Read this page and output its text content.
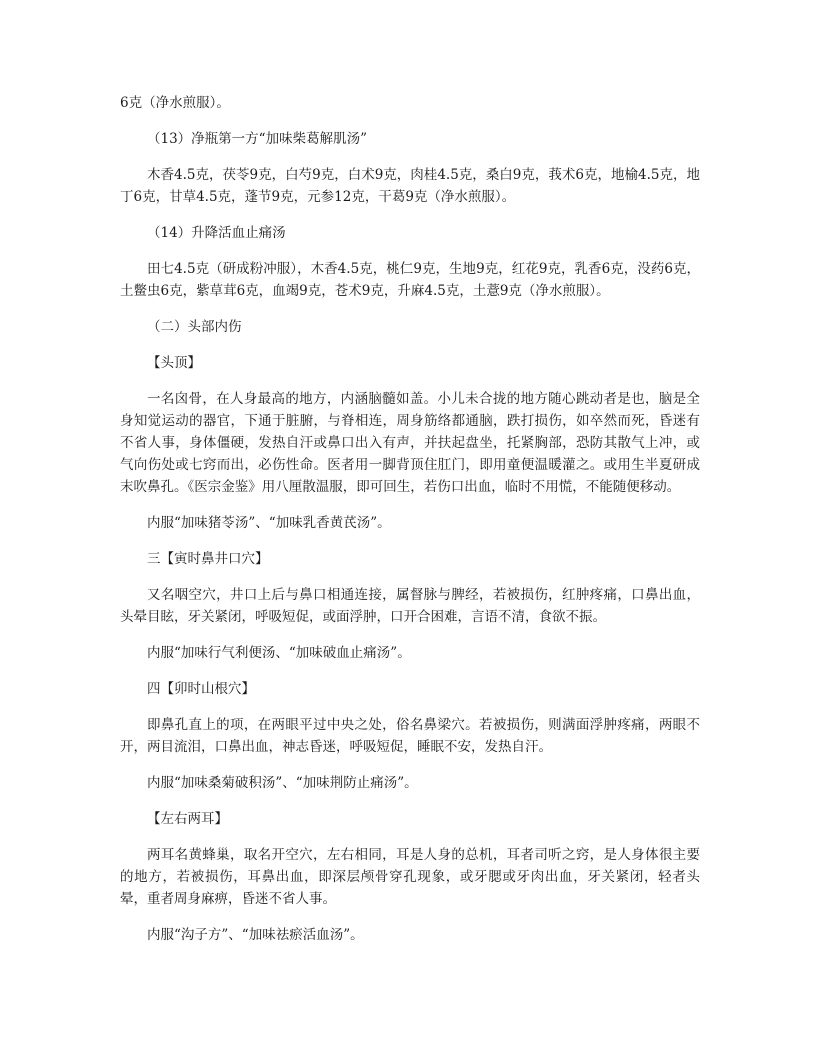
6克（净水煎服）。

（13）净瓶第一方“加味柴葛解肌汤”

木香4.5克，茯苓9克，白芍9克，白术9克，肉桂4.5克，桑白9克，莪术6克，地榆4.5克，地丁6克，甘草4.5克，蓬节9克，元参12克，干葛9克（净水煎服）。

（14）升降活血止痛汤

田七4.5克（研成粉冲服），木香4.5克，桃仁9克，生地9克，红花9克，乳香6克，没药6克，土鳖虫6克，紫草茸6克，血竭9克，苍术9克，升麻4.5克，土薏9克（净水煎服）。

（二）头部内伤

【头顶】

一名囟骨，在人身最高的地方，内涵脑髓如盖。小儿未合拢的地方随心跳动者是也，脑是全身知觉运动的器官，下通于脏腑，与脊相连，周身筋络都通脑，跌打损伤，如卒然而死，昏迷有不省人事，身体僵硬，发热自汗或鼻口出入有声，并扶起盘坐，托紧胸部，恐防其散气上冲，或气向伤处或七窍而出，必伤性命。医者用一脚背顶住肛门，即用童便温暖灌之。或用生半夏研成末吹鼻孔。《医宗金鉴》用八厘散温服，即可回生，若伤口出血，临时不用慌，不能随便移动。

内服“加味猪苓汤”、“加味乳香黄芪汤”。

三【寅时鼻井口穴】

又名咽空穴，井口上后与鼻口相通连接，属督脉与脾经，若被损伤，红肿疼痛，口鼻出血，头晕目眩，牙关紧闭，呼吸短促，或面浮肿，口开合困难，言语不清，食欲不振。

内服“加味行气利便汤、“加味破血止痛汤”。

四【卯时山根穴】

即鼻孔直上的项，在两眼平过中央之处，俗名鼻梁穴。若被损伤，则满面浮肿疼痛，两眼不开，两目流泪，口鼻出血，神志昏迷，呼吸短促，睡眠不安，发热自汗。

内服“加味桑菊破积汤”、“加味荆防止痛汤”。

【左右两耳】

两耳名黄蜂巢，取名开空穴，左右相同，耳是人身的总机，耳者司听之窍，是人身体很主要的地方，若被损伤，耳鼻出血，即深层颅骨穿孔现象，或牙腮或牙肉出血，牙关紧闭，轻者头晕，重者周身麻痹，昏迷不省人事。

内服“沟子方”、“加味祛瘀活血汤”。
